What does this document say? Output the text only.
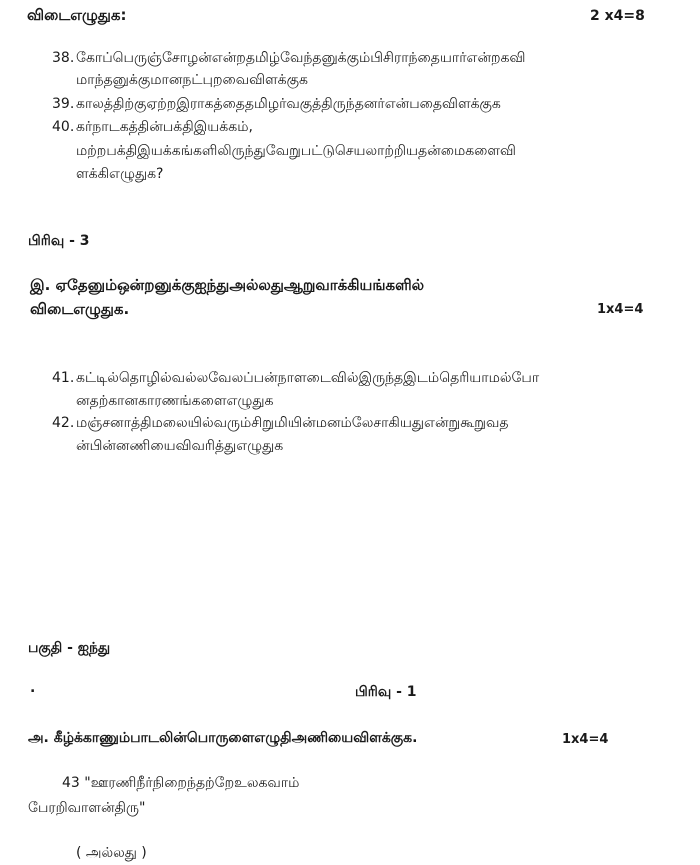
விடைஎழுதுக:	2 x4=8
38. கோப்பெருஞ்சோழன்என்றதமிழ்வேந்தனுக்கும்பிசிராந்தையார்என்றகவி
மாந்தனுக்குமானநட்புறவைவிளக்குக
39. காலத்திற்குஏற்றஇராகத்தைதமிழர்வகுத்திருந்தனர்என்பதைவிளக்குக
40. கர்நாடகத்தின்பக்திஇயக்கம்,
மற்றபக்திஇயக்கங்களிலிருந்துவேறுபட்டுசெயலாற்றியதன்மைகளைவி
ளக்கிஎழுதுக?
பிரிவு - 3
இ. ஏதேனும்ஒன்றனுக்குஐந்துஅல்லதுஆறுவாக்கியங்களில்
விடைஎழுதுக.	1x4=4
41. கட்டில்தொழில்வல்லவேலப்பன்நாளடைவில்இருந்தஇடம்தெரியாமல்போ
னதற்கானகாரணங்களைஎழுதுக
42. மஞ்சனாத்திமலையில்வரும்சிறுமியின்மனம்லேசாகியதுஎன்றுகூறுவத
ன்பின்னணியைவிவரித்துஎழுதுக
பகுதி - ஐந்து
.	பிரிவு - 1
அ. கீழ்க்காணும்பாடலின்பொருளைஎழுதிஅணியைவிளக்குக.	1x4=4
43 "ஊரணிநீர்நிறைந்தற்றேஉலகவாம்
பேரறிவாளன்திரு"
( அல்லது )
